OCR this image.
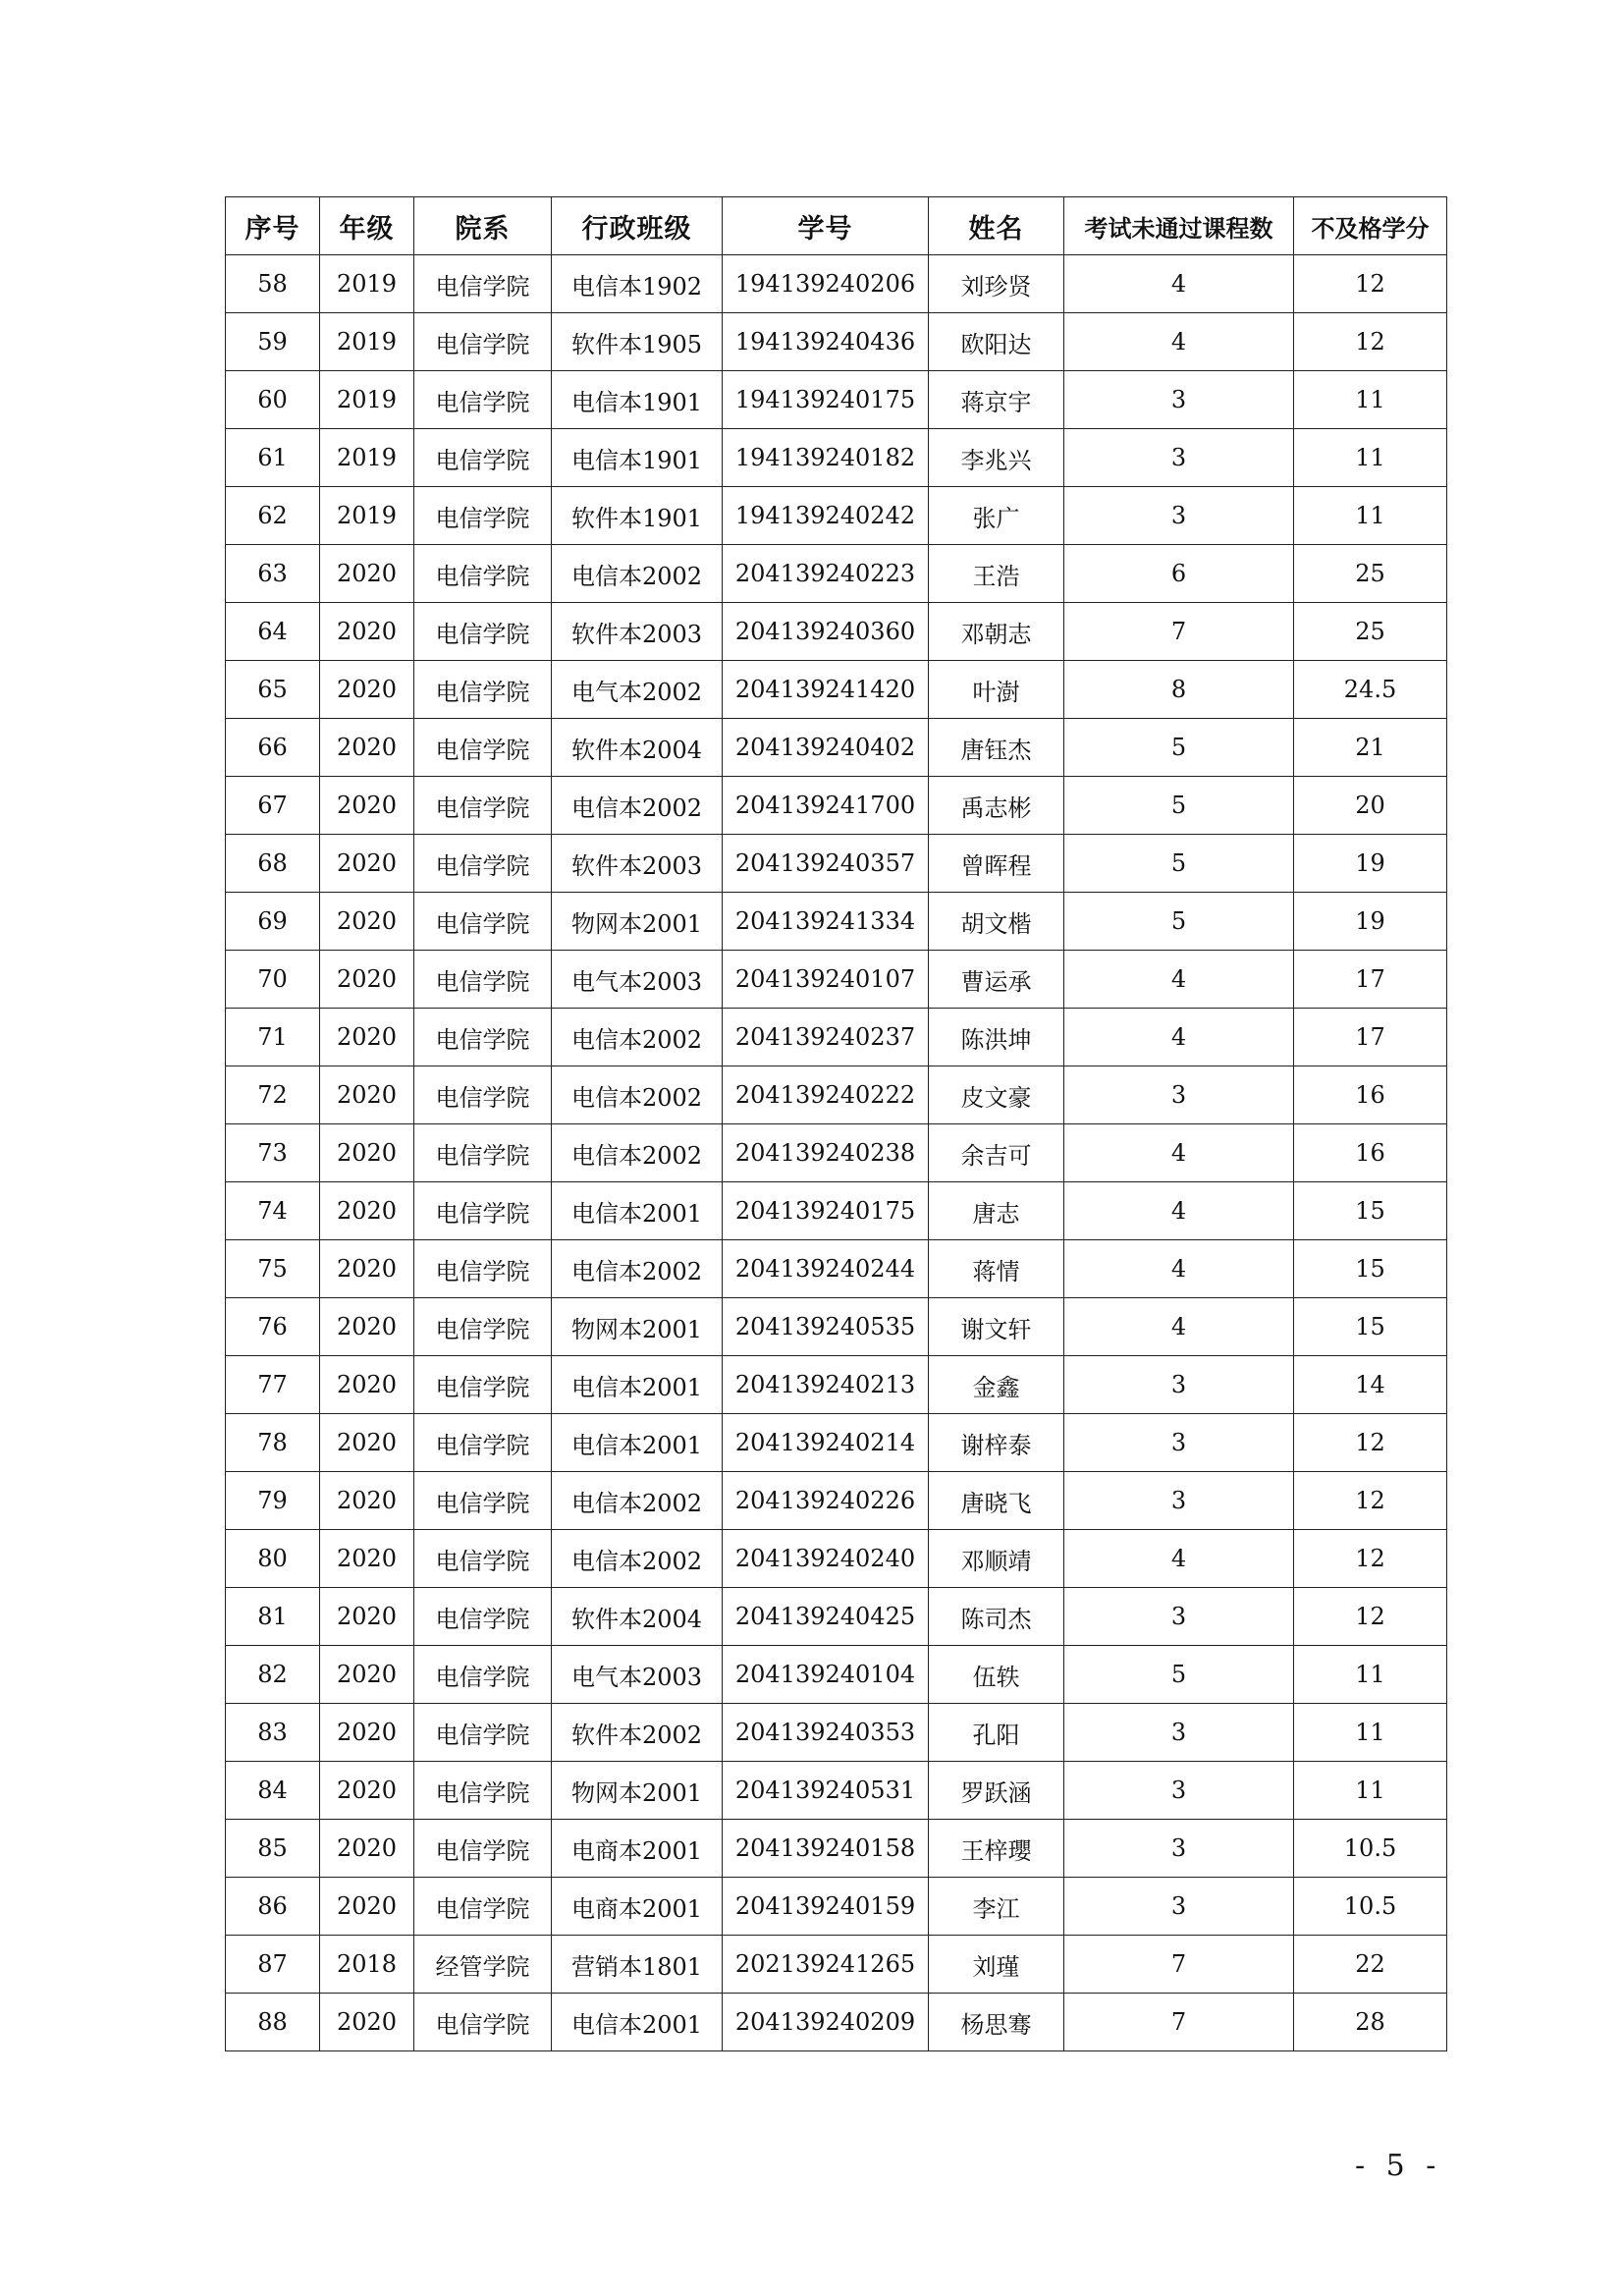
序号	年级	院系	行政班级	学号	姓名	考试未通过课程数	不及格学分
58	2019	电信学院	电信本1902	194139240206	刘珍贤	4	12
59	2019	电信学院	软件本1905	194139240436	欧阳达	4	12
60	2019	电信学院	电信本1901	194139240175	蒋京宇	3	11
61	2019	电信学院	电信本1901	194139240182	李兆兴	3	11
62	2019	电信学院	软件本1901	194139240242	张广	3	11
63	2020	电信学院	电信本2002	204139240223	王浩	6	25
64	2020	电信学院	软件本2003	204139240360	邓朝志	7	25
65	2020	电信学院	电气本2002	204139241420	叶澍	8	24.5
66	2020	电信学院	软件本2004	204139240402	唐钰杰	5	21
67	2020	电信学院	电信本2002	204139241700	禹志彬	5	20
68	2020	电信学院	软件本2003	204139240357	曾晖程	5	19
69	2020	电信学院	物网本2001	204139241334	胡文楷	5	19
70	2020	电信学院	电气本2003	204139240107	曹运承	4	17
71	2020	电信学院	电信本2002	204139240237	陈洪坤	4	17
72	2020	电信学院	电信本2002	204139240222	皮文豪	3	16
73	2020	电信学院	电信本2002	204139240238	余吉可	4	16
74	2020	电信学院	电信本2001	204139240175	唐志	4	15
75	2020	电信学院	电信本2002	204139240244	蒋情	4	15
76	2020	电信学院	物网本2001	204139240535	谢文轩	4	15
77	2020	电信学院	电信本2001	204139240213	金鑫	3	14
78	2020	电信学院	电信本2001	204139240214	谢梓泰	3	12
79	2020	电信学院	电信本2002	204139240226	唐晓飞	3	12
80	2020	电信学院	电信本2002	204139240240	邓顺靖	4	12
81	2020	电信学院	软件本2004	204139240425	陈司杰	3	12
82	2020	电信学院	电气本2003	204139240104	伍轶	5	11
83	2020	电信学院	软件本2002	204139240353	孔阳	3	11
84	2020	电信学院	物网本2001	204139240531	罗跃涵	3	11
85	2020	电信学院	电商本2001	204139240158	王梓瓔	3	10.5
86	2020	电信学院	电商本2001	204139240159	李江	3	10.5
87	2018	经管学院	营销本1801	202139241265	刘瑾	7	22
88	2020	电信学院	电信本2001	204139240209	杨思骞	7	28
- 5 -
